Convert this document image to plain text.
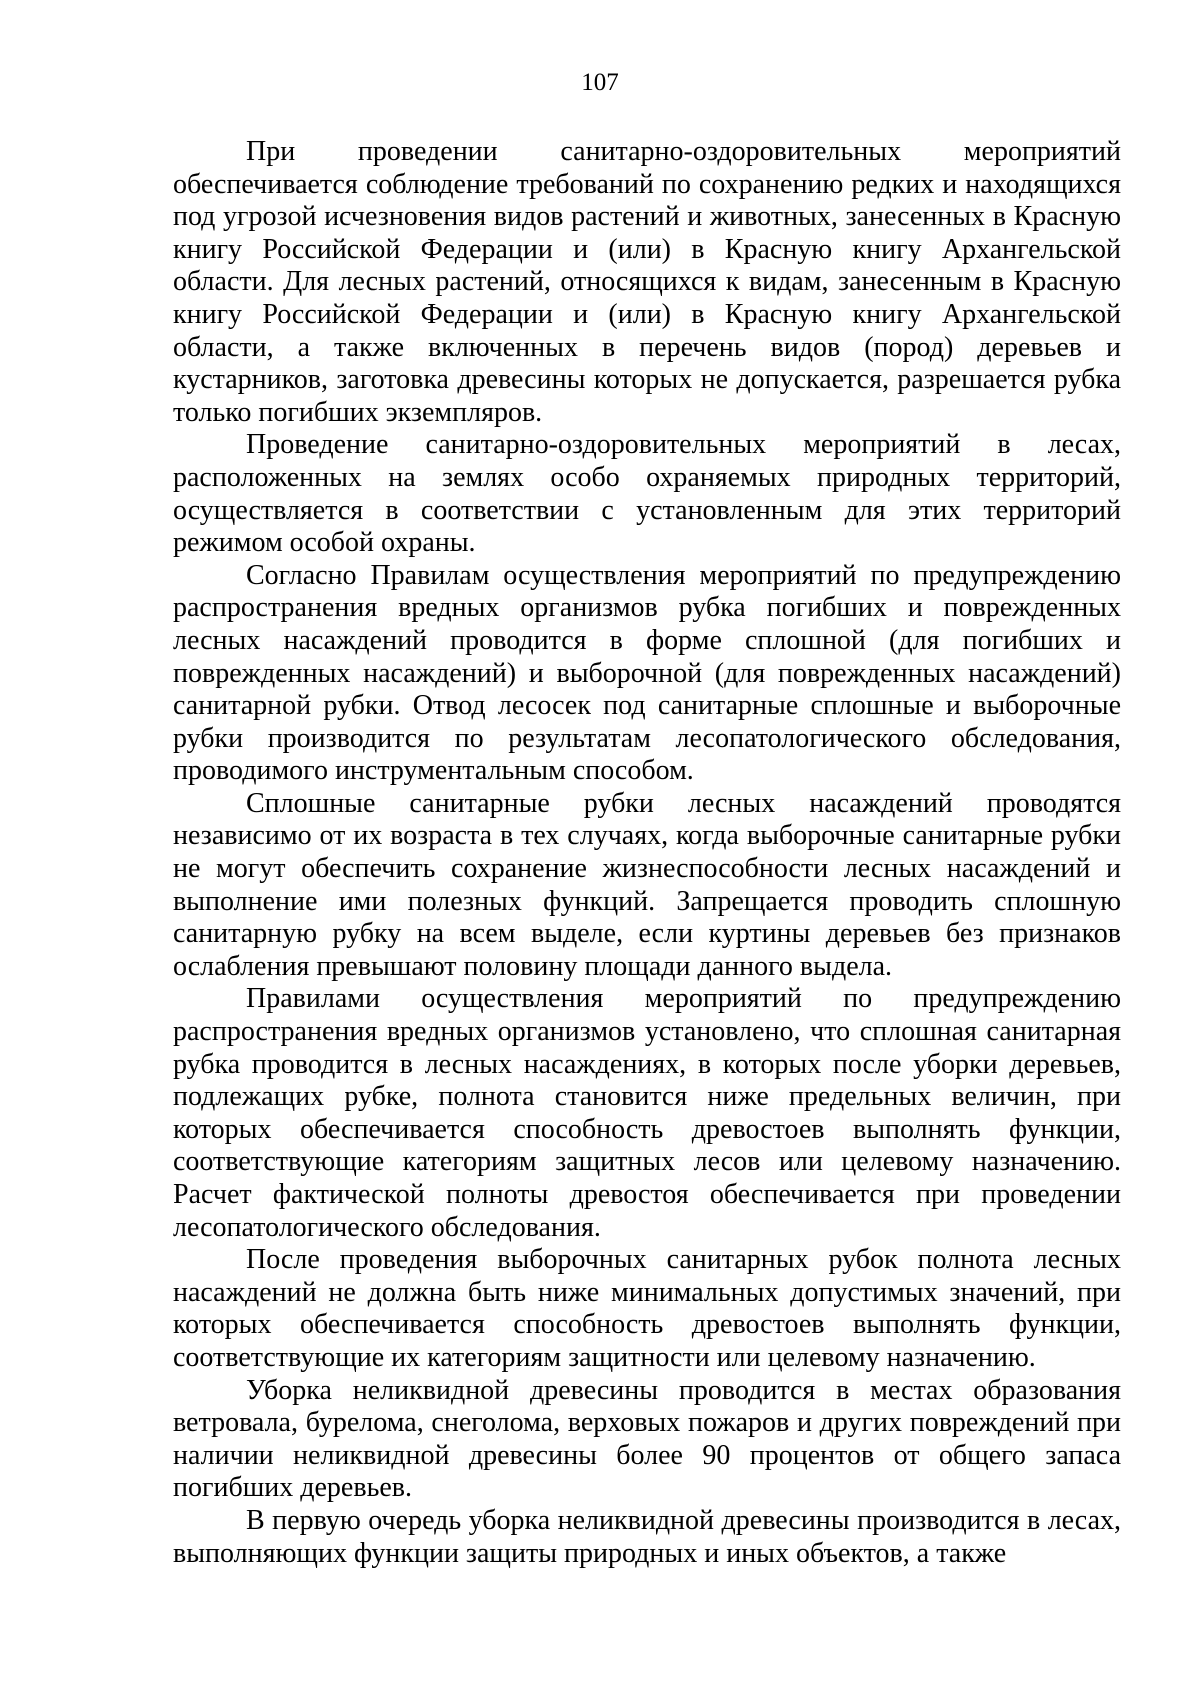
107

При проведении санитарно-оздоровительных мероприятий обеспечивается соблюдение требований по сохранению редких и находящихся под угрозой исчезновения видов растений и животных, занесенных в Красную книгу Российской Федерации и (или) в Красную книгу Архангельской области. Для лесных растений, относящихся к видам, занесенным в Красную книгу Российской Федерации и (или) в Красную книгу Архангельской области, а также включенных в перечень видов (пород) деревьев и кустарников, заготовка древесины которых не допускается, разрешается рубка только погибших экземпляров.

Проведение санитарно-оздоровительных мероприятий в лесах, расположенных на землях особо охраняемых природных территорий, осуществляется в соответствии с установленным для этих территорий режимом особой охраны.

Согласно Правилам осуществления мероприятий по предупреждению распространения вредных организмов рубка погибших и поврежденных лесных насаждений проводится в форме сплошной (для погибших и поврежденных насаждений) и выборочной (для поврежденных насаждений) санитарной рубки. Отвод лесосек под санитарные сплошные и выборочные рубки производится по результатам лесопатологического обследования, проводимого инструментальным способом.

Сплошные санитарные рубки лесных насаждений проводятся независимо от их возраста в тех случаях, когда выборочные санитарные рубки не могут обеспечить сохранение жизнеспособности лесных насаждений и выполнение ими полезных функций. Запрещается проводить сплошную санитарную рубку на всем выделе, если куртины деревьев без признаков ослабления превышают половину площади данного выдела.

Правилами осуществления мероприятий по предупреждению распространения вредных организмов установлено, что сплошная санитарная рубка проводится в лесных насаждениях, в которых после уборки деревьев, подлежащих рубке, полнота становится ниже предельных величин, при которых обеспечивается способность древостоев выполнять функции, соответствующие категориям защитных лесов или целевому назначению. Расчет фактической полноты древостоя обеспечивается при проведении лесопатологического обследования.

После проведения выборочных санитарных рубок полнота лесных насаждений не должна быть ниже минимальных допустимых значений, при которых обеспечивается способность древостоев выполнять функции, соответствующие их категориям защитности или целевому назначению.

Уборка неликвидной древесины проводится в местах образования ветровала, бурелома, снеголома, верховых пожаров и других повреждений при наличии неликвидной древесины более 90 процентов от общего запаса погибших деревьев.

В первую очередь уборка неликвидной древесины производится в лесах, выполняющих функции защиты природных и иных объектов, а также
